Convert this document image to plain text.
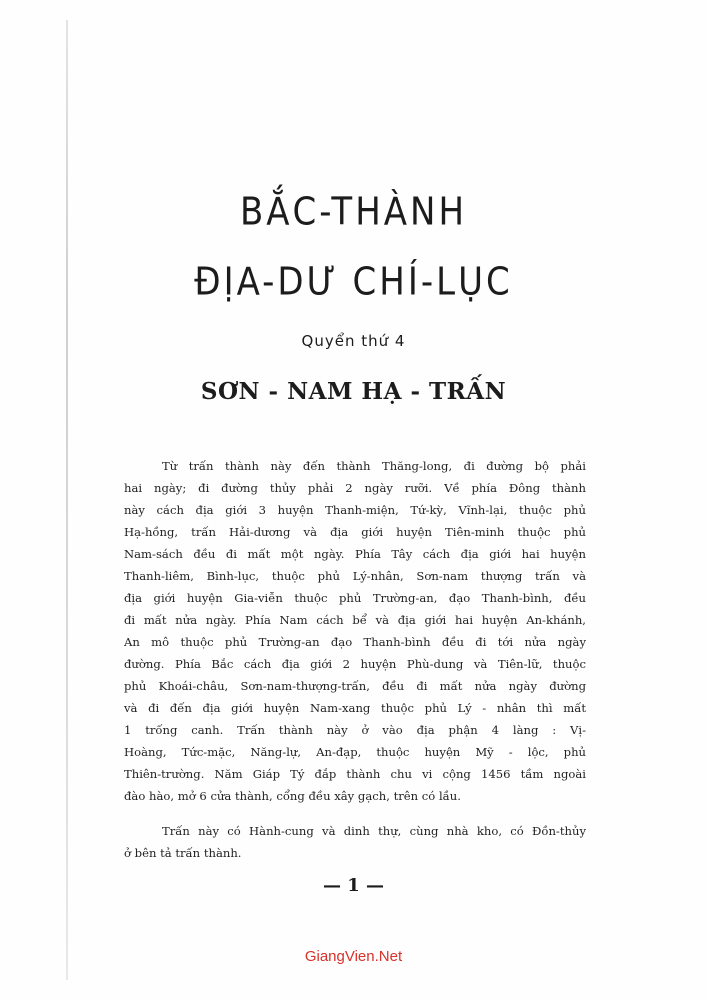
BẮC-THÀNH
ĐỊA-DƯ CHÍ-LỤC
Quyển thứ 4
SƠN - NAM HẠ - TRẤN
Từ trấn thành này đến thành Thăng-long, đi đường bộ phải
hai ngày; đi đường thủy phải 2 ngày rưỡi. Về phía Đông thành
này cách địa giới 3 huyện Thanh-miện, Tứ-kỳ, Vĩnh-lại, thuộc phủ
Hạ-hồng, trấn Hải-dương và địa giới huyện Tiên-minh thuộc phủ
Nam-sách đều đi mất một ngày. Phía Tây cách địa giới hai huyện
Thanh-liêm, Bình-lục, thuộc phủ Lý-nhân, Sơn-nam thượng trấn và
địa giới huyện Gia-viễn thuộc phủ Trường-an, đạo Thanh-bình, đều
đi mất nửa ngày. Phía Nam cách bể và địa giới hai huyện An-khánh,
An mô thuộc phủ Trường-an đạo Thanh-bình đều đi tới nửa ngày
đường. Phía Bắc cách địa giới 2 huyện Phù-dung và Tiên-lữ, thuộc
phủ Khoái-châu, Sơn-nam-thượng-trấn, đều đi mất nửa ngày đường
và đi đến địa giới huyện Nam-xang thuộc phủ Lý - nhân thì mất
1 trống canh. Trấn thành này ở vào địa phận 4 làng : Vị-
Hoàng, Tức-mặc, Năng-lự, An-đạp, thuộc huyện Mỹ - lộc, phủ
Thiên-trường. Năm Giáp Tý đắp thành chu vi cộng 1456 tầm ngoài
đào hào, mở 6 cửa thành, cổng đều xây gạch, trên có lầu.
Trấn này có Hành-cung và dinh thự, cùng nhà kho, có Đồn-thủy
ở bên tả trấn thành.
— 1 —
GiangVien.Net
